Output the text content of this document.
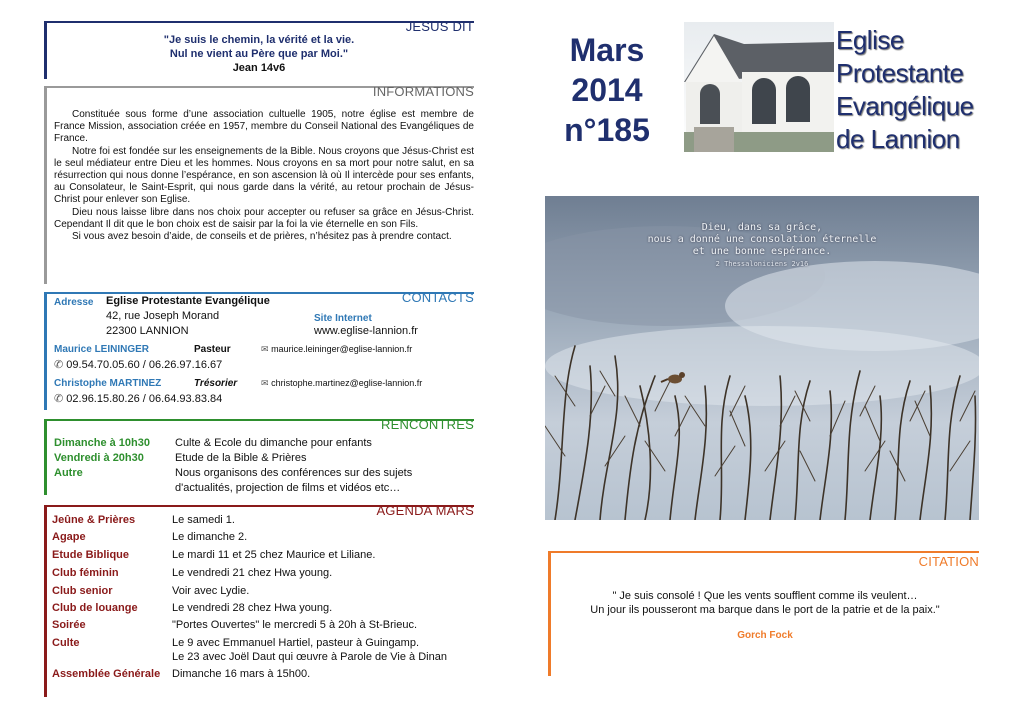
JESUS DIT
"Je suis le chemin, la vérité et la vie.
Nul ne vient au Père que par Moi."
Jean 14v6
INFORMATIONS

Constituée sous forme d’une association cultuelle 1905, notre église est membre de France Mission, association créée en 1957, membre du Conseil National des Evangéliques de France.

Notre foi est fondée sur les enseignements de la Bible. Nous croyons que Jésus-Christ est le seul médiateur entre Dieu et les hommes. Nous croyons en sa mort pour notre salut, en sa résurrection qui nous donne l’espérance, en son ascension là où Il intercède pour ses enfants, au Consolateur, le Saint-Esprit, qui nous garde dans la vérité, au retour prochain de Jésus-Christ pour enlever son Eglise.

Dieu nous laisse libre dans nos choix pour accepter ou refuser sa grâce en Jésus-Christ. Cependant Il dit que le bon choix est de saisir par la foi la vie éternelle en son Fils.

Si vous avez besoin d’aide, de conseils et de prières, n’hésitez pas à prendre contact.

CONTACTS
Adresse Eglise Protestante Evangélique
42, rue Joseph Morand
22300 LANNION
Site Internet
www.eglise-lannion.fr
Maurice LEININGER	Pasteur	✉ maurice.leininger@eglise-lannion.fr
✆ 09.54.70.05.60 / 06.26.97.16.67
Christophe MARTINEZ	Trésorier	✉ christophe.martinez@eglise-lannion.fr
✆ 02.96.15.80.26 / 06.64.93.83.84
RENCONTRES
Dimanche à 10h30 Culte & Ecole du dimanche pour enfants
Vendredi à 20h30	Etude de la Bible & Prières
Autre	Nous organisons des conférences sur des sujets
d'actualités, projection de films et vidéos etc…
AGENDA MARS
Jeûne & Prières	Le samedi 1.
Agape	Le dimanche 2.
Etude Biblique	Le mardi 11 et 25 chez Maurice et Liliane.
Club féminin	Le vendredi 21 chez Hwa young.
Club senior	Voir avec Lydie.
Club de louange	Le vendredi 28 chez Hwa young.
Soirée	"Portes Ouvertes" le mercredi 5 à 20h à St-Brieuc.
Culte	Le 9 avec Emmanuel Hartiel, pasteur à Guingamp.
Le 23 avec Joël Daut qui œuvre à Parole de Vie à Dinan
Assemblée Générale Dimanche 16 mars à 15h00.
Mars
2014
n°185
Eglise
Protestante
Evangélique
de Lannion
Dieu, dans sa grâce,
nous a donné une consolation éternelle
et une bonne espérance.
2 Thessaloniciens 2v16
CITATION
" Je suis consolé ! Que les vents soufflent comme ils veulent…
Un jour ils pousseront ma barque dans le port de la patrie et de la paix."
Gorch Fock
